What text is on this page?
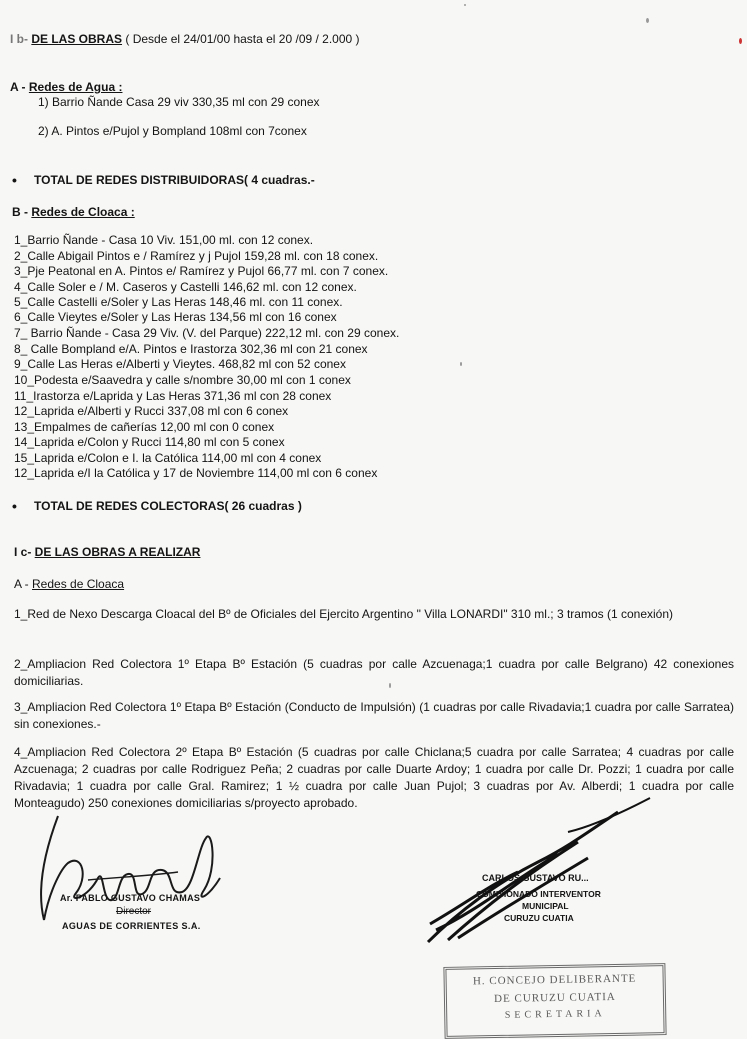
I b- DE LAS OBRAS ( Desde el 24/01/00 hasta el 20 /09 / 2.000 )
A - Redes de Agua :
1) Barrio Ñande Casa 29 viv 330,35 ml con 29 conex
2) A. Pintos e/Pujol y Bompland 108ml con 7conex
• TOTAL DE REDES DISTRIBUIDORAS( 4 cuadras.-
B - Redes de Cloaca :
1_Barrio Ñande - Casa 10 Viv. 151,00 ml. con 12 conex.
2_Calle Abigail Pintos e / Ramírez y j Pujol 159,28 ml. con 18 conex.
3_Pje Peatonal en A. Pintos e/ Ramírez y Pujol 66,77 ml. con 7 conex.
4_Calle Soler e / M. Caseros y Castelli 146,62 ml. con 12 conex.
5_Calle Castelli e/Soler y Las Heras 148,46 ml. con 11 conex.
6_Calle Vieytes e/Soler y Las Heras 134,56 ml con 16 conex
7_ Barrio Ñande - Casa 29 Viv. (V. del Parque) 222,12 ml. con 29 conex.
8_ Calle Bompland e/A. Pintos e Irastorza 302,36 ml con 21 conex
9_Calle Las Heras e/Alberti y Vieytes. 468,82 ml con 52 conex
10_Podesta e/Saavedra y calle s/nombre 30,00 ml con 1 conex
11_Irastorza e/Laprida y Las Heras 371,36 ml con 28 conex
12_Laprida e/Alberti y Rucci 337,08 ml con 6 conex
13_Empalmes de cañerías 12,00 ml con 0 conex
14_Laprida e/Colon y Rucci 114,80 ml con 5 conex
15_Laprida e/Colon e I. la Católica 114,00 ml con 4 conex
12_Laprida e/I la Católica y 17 de Noviembre 114,00 ml con 6 conex
• TOTAL DE REDES COLECTORAS( 26 cuadras )
I c- DE LAS OBRAS A REALIZAR
A - Redes de Cloaca
1_Red de Nexo Descarga Cloacal del Bº de Oficiales del Ejercito Argentino " Villa LONARDI" 310 ml.; 3 tramos (1 conexión)
2_Ampliacion Red Colectora 1º Etapa Bº Estación (5 cuadras por calle Azcuenaga;1 cuadra por calle Belgrano) 42 conexiones domiciliarias.
3_Ampliacion Red Colectora 1º Etapa Bº Estación (Conducto de Impulsión) (1 cuadras por calle Rivadavia;1 cuadra por calle Sarratea) sin conexiones.-
4_Ampliacion Red Colectora 2º Etapa Bº Estación (5 cuadras por calle Chiclana;5 cuadra por calle Sarratea; 4 cuadras por calle Azcuenaga; 2 cuadras por calle Rodriguez Peña; 2 cuadras por calle Duarte Ardoy; 1 cuadra por calle Dr. Pozzi; 1 cuadra por calle Rivadavia; 1 cuadra por calle Gral. Ramirez; 1 ½ cuadra por calle Juan Pujol; 3 cuadras por Av. Alberdi; 1 cuadra por calle Monteagudo) 250 conexiones domiciliarias s/proyecto aprobado.
Ar. PABLO GUSTAVO CHAMAS
Director
AGUAS DE CORRIENTES S.A.
CARLOS GUSTAVO RU...
COMISIONADO INTERVENTOR
MUNICIPAL
CURUZU CUATIA
H. CONCEJO DELIBERANTE
DE CURUZU CUATIA
SECRETARIA
